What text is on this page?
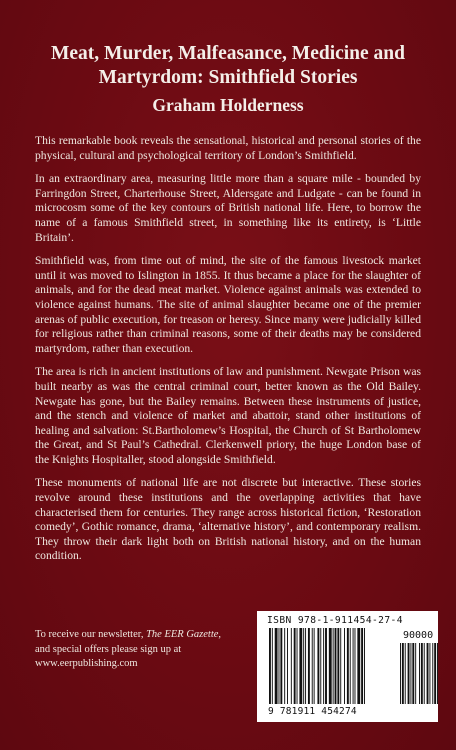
Meat, Murder, Malfeasance, Medicine and Martyrdom: Smithfield Stories
Graham Holderness

This remarkable book reveals the sensational, historical and personal stories of the physical, cultural and psychological territory of London’s Smithfield.

In an extraordinary area, measuring little more than a square mile - bounded by Farringdon Street, Charterhouse Street, Aldersgate and Ludgate - can be found in microcosm some of the key contours of British national life. Here, to borrow the name of a famous Smithfield street, in something like its entirety, is ‘Little Britain’.

Smithfield was, from time out of mind, the site of the famous livestock market until it was moved to Islington in 1855. It thus became a place for the slaughter of animals, and for the dead meat market. Violence against animals was extended to violence against humans. The site of animal slaughter became one of the premier arenas of public execution, for treason or heresy. Since many were judicially killed for religious rather than criminal reasons, some of their deaths may be considered martyrdom, rather than execution.

The area is rich in ancient institutions of law and punishment. Newgate Prison was built nearby as was the central criminal court, better known as the Old Bailey. Newgate has gone, but the Bailey remains. Between these instruments of justice, and the stench and violence of market and abattoir, stand other institutions of healing and salvation: St.Bartholomew’s Hospital, the Church of St Bartholomew the Great, and St Paul’s Cathedral. Clerkenwell priory, the huge London base of the Knights Hospitaller, stood alongside Smithfield.

These monuments of national life are not discrete but interactive. These stories revolve around these institutions and the overlapping activities that have characterised them for centuries. They range across historical fiction, ‘Restoration comedy’, Gothic romance, drama, ‘alternative history’, and contemporary realism. They throw their dark light both on British national history, and on the human condition.

To receive our newsletter, The EER Gazette,
and special offers please sign up at
www.eerpublishing.com
ISBN 978-1-911454-27-4
90000
9 781911 454274
